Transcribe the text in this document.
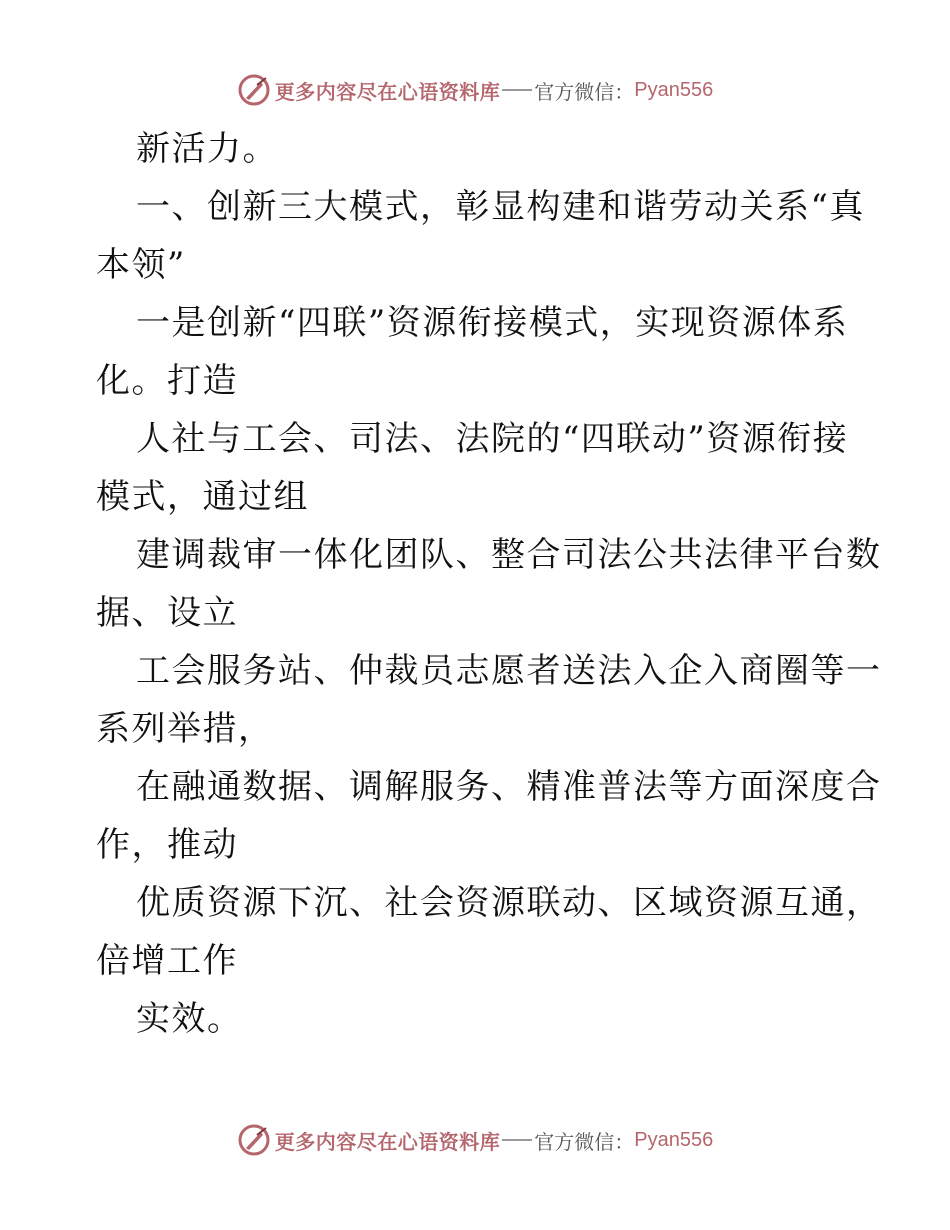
更多内容尽在心语资料库 官方微信： Pyan556
新活力。
一、创新三大模式，彰显构建和谐劳动关系“真
本领”
一是创新“四联”资源衔接模式，实现资源体系
化。打造
人社与工会、司法、法院的“四联动”资源衔接
模式，通过组
建调裁审一体化团队、整合司法公共法律平台数
据、设立
工会服务站、仲裁员志愿者送法入企入商圈等一
系列举措，
在融通数据、调解服务、精准普法等方面深度合
作，推动
优质资源下沉、社会资源联动、区域资源互通，
倍增工作
实效。
更多内容尽在心语资料库 官方微信： Pyan556
